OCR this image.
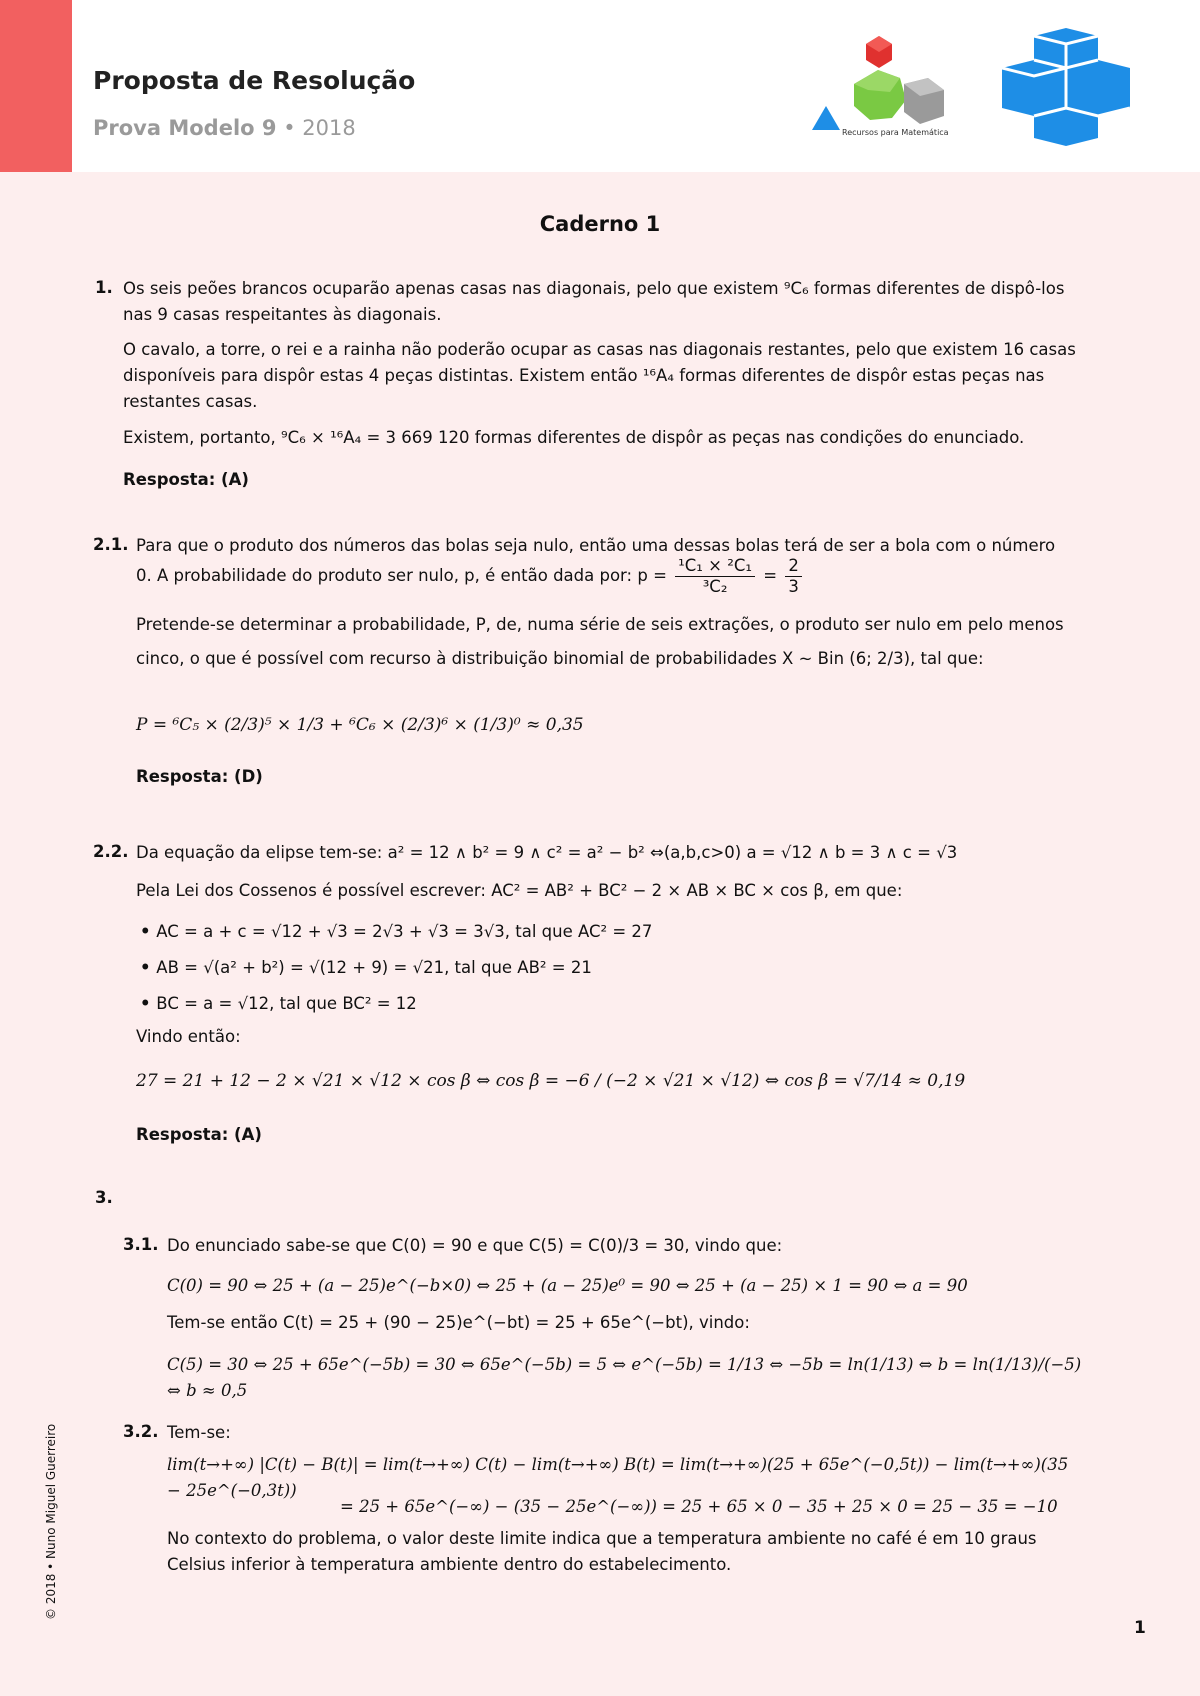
Proposta de Resolução
Prova Modelo 9 • 2018	Recursos para Matemática
Caderno 1
1. Os seis peões brancos ocuparão apenas casas nas diagonais, pelo que existem ⁹C₆ formas diferentes de dispô-los nas 9 casas respeitantes às diagonais.
O cavalo, a torre, o rei e a rainha não poderão ocupar as casas nas diagonais restantes, pelo que existem 16 casas disponíveis para dispôr estas 4 peças distintas. Existem então ¹⁶A₄ formas diferentes de dispôr estas peças nas restantes casas.
Existem, portanto, ⁹C₆ × ¹⁶A₄ = 3 669 120 formas diferentes de dispôr as peças nas condições do enunciado.
Resposta: (A)
2.1. Para que o produto dos números das bolas seja nulo, então uma dessas bolas terá de ser a bola com o número
0. A probabilidade do produto ser nulo, p, é então dada por: $p = \frac{\text{¹C₁ × ²C₁}}{\text{³C₂}} = \frac{2}{3}$
Pretende-se determinar a probabilidade, P, de, numa série de seis extrações, o produto ser nulo em pelo menos
cinco, o que é possível com recurso à distribuição binomial de probabilidades X ∼ Bin (6; 2/3), tal que:
P = ⁶C₅ × (2/3)⁵ × 1/3 + ⁶C₆ × (2/3)⁶ × (1/3)⁰ ≈ 0,35
Resposta: (D)
2.2. Da equação da elipse tem-se: a² = 12 ∧ b² = 9 ∧ c² = a² − b² ⇔(a,b,c>0) a = √12 ∧ b = 3 ∧ c = √3
Pela Lei dos Cossenos é possível escrever: AC² = AB² + BC² − 2 × AB × BC × cos β, em que:
• AC = a + c = √12 + √3 = 2√3 + √3 = 3√3, tal que AC² = 27
• AB = √(a² + b²) = √(12 + 9) = √21, tal que AB² = 21
• BC = a = √12, tal que BC² = 12
Vindo então:
27 = 21 + 12 − 2 × √21 × √12 × cos β ⇔ cos β = −6 / (−2 × √21 × √12) ⇔ cos β = √7/14 ≈ 0,19
Resposta: (A)
3.
3.1. Do enunciado sabe-se que C(0) = 90 e que C(5) = C(0)/3 = 30, vindo que:
C(0) = 90 ⇔ 25 + (a − 25)e^(−b×0) ⇔ 25 + (a − 25)e⁰ = 90 ⇔ 25 + (a − 25) × 1 = 90 ⇔ a = 90
Tem-se então C(t) = 25 + (90 − 25)e^(−bt) = 25 + 65e^(−bt), vindo:
C(5) = 30 ⇔ 25 + 65e^(−5b) = 30 ⇔ 65e^(−5b) = 5 ⇔ e^(−5b) = 1/13 ⇔ −5b = ln(1/13) ⇔ b = ln(1/13)/(−5) ⇔ b ≈ 0,5
3.2. Tem-se:
lim(t→+∞) |C(t) − B(t)| = lim(t→+∞) C(t) − lim(t→+∞) B(t) = lim(t→+∞)(25 + 65e^(−0,5t)) − lim(t→+∞)(35 − 25e^(−0,3t))
= 25 + 65e^(−∞) − (35 − 25e^(−∞)) = 25 + 65 × 0 − 35 + 25 × 0 = 25 − 35 = −10
No contexto do problema, o valor deste limite indica que a temperatura ambiente no café é em 10 graus Celsius inferior à temperatura ambiente dentro do estabelecimento.
© 2018 • Nuno Miguel Guerreiro
1
